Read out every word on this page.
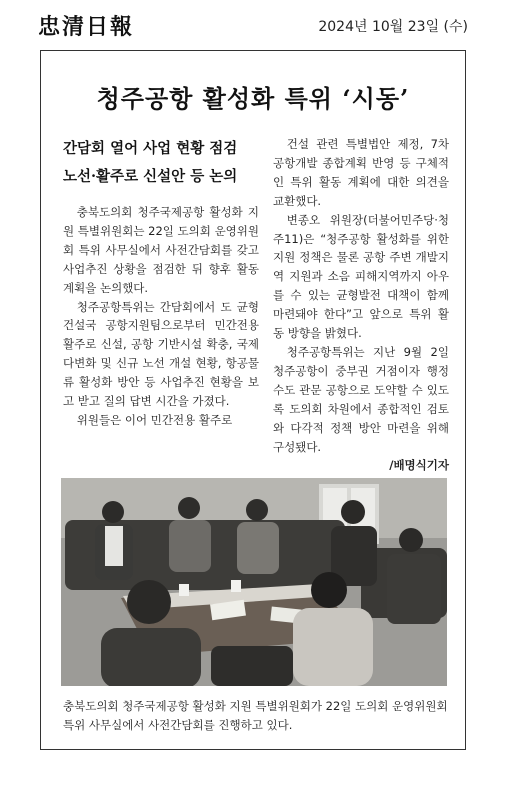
忠清日報	2024년 10월 23일 (수)
청주공항 활성화 특위 ‘시동’
간담회 열어 사업 현황 점검
노선·활주로 신설안 등 논의

충북도의회 청주국제공항 활성화 지원 특별위원회는 22일 도의회 운영위원회 특위 사무실에서 사전간담회를 갖고 사업추진 상황을 점검한 뒤 향후 활동 계획을 논의했다.

청주공항특위는 간담회에서 도 균형건설국 공항지원팀으로부터 민간전용 활주로 신설, 공항 기반시설 확충, 국제 다변화 및 신규 노선 개설 현황, 항공물류 활성화 방안 등 사업추진 현황을 보고 받고 질의 답변 시간을 가졌다.

위원들은 이어 민간전용 활주로

건설 관련 특별법안 제정, 7차 공항개발 종합계획 반영 등 구체적인 특위 활동 계획에 대한 의견을 교환했다.

변종오 위원장(더불어민주당·청주11)은 “청주공항 활성화를 위한 지원 정책은 물론 공항 주변 개발지역 지원과 소음 피해지역까지 아우를 수 있는 균형발전 대책이 함께 마련돼야 한다”고 앞으로 특위 활동 방향을 밝혔다.

청주공항특위는 지난 9월 2일 청주공항이 중부권 거점이자 행정수도 관문 공항으로 도약할 수 있도록 도의회 차원에서 종합적인 검토와 다각적 정책 방안 마련을 위해 구성됐다.

/배명식기자
충북도의회 청주국제공항 활성화 지원 특별위원회가 22일 도의회 운영위원회 특위 사무실에서 사전간담회를 진행하고 있다.
